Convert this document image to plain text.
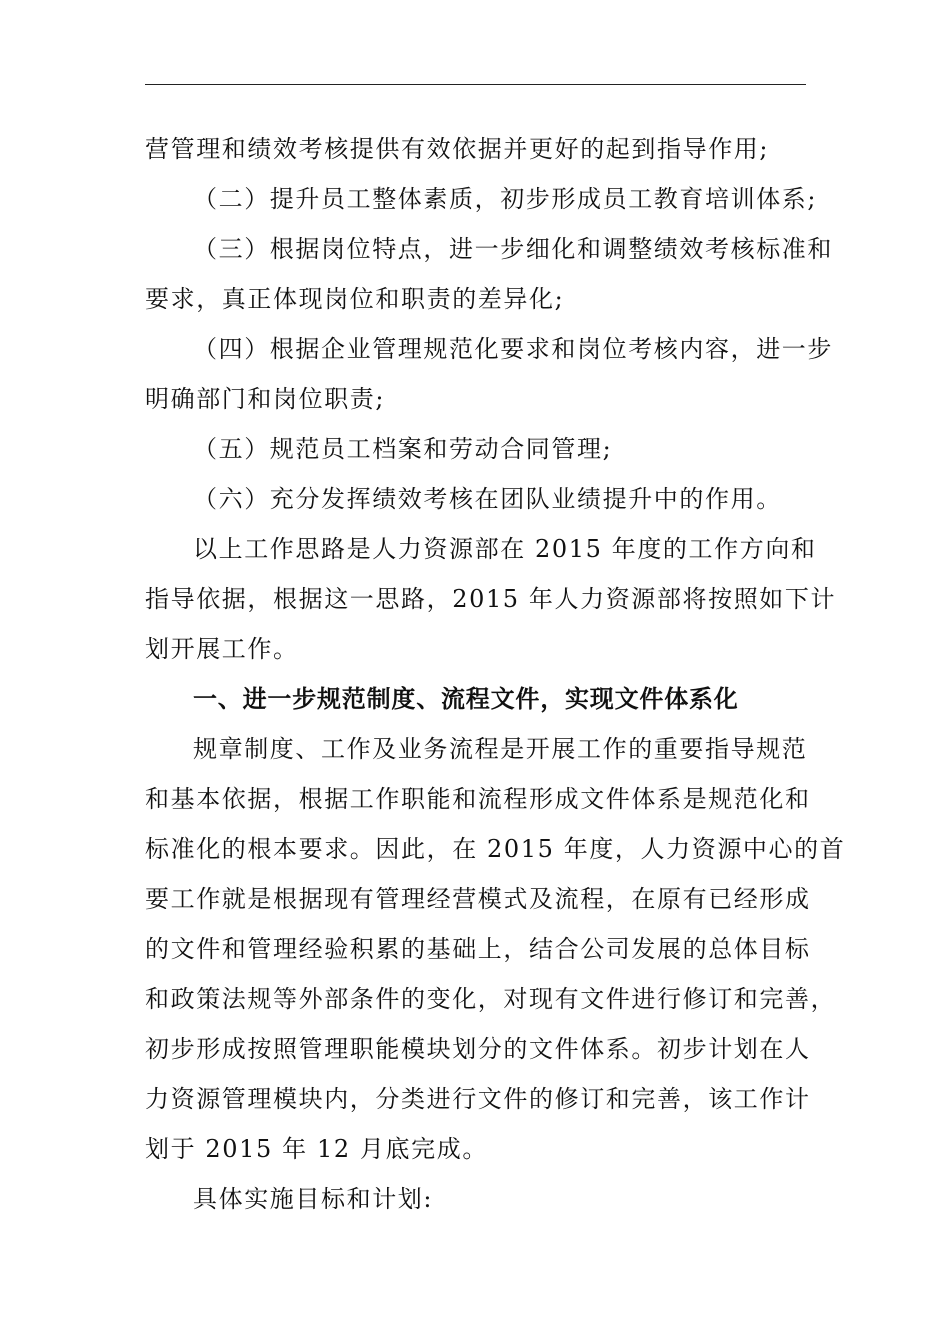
营管理和绩效考核提供有效依据并更好的起到指导作用;
（二）提升员工整体素质，初步形成员工教育培训体系;
（三）根据岗位特点，进一步细化和调整绩效考核标准和
要求，真正体现岗位和职责的差异化;
（四）根据企业管理规范化要求和岗位考核内容，进一步
明确部门和岗位职责;
（五）规范员工档案和劳动合同管理;
（六）充分发挥绩效考核在团队业绩提升中的作用。
以上工作思路是人力资源部在 2015 年度的工作方向和
指导依据，根据这一思路，2015 年人力资源部将按照如下计
划开展工作。
一、进一步规范制度、流程文件，实现文件体系化
规章制度、工作及业务流程是开展工作的重要指导规范
和基本依据，根据工作职能和流程形成文件体系是规范化和
标准化的根本要求。因此，在 2015 年度，人力资源中心的首
要工作就是根据现有管理经营模式及流程，在原有已经形成
的文件和管理经验积累的基础上，结合公司发展的总体目标
和政策法规等外部条件的变化，对现有文件进行修订和完善，
初步形成按照管理职能模块划分的文件体系。初步计划在人
力资源管理模块内，分类进行文件的修订和完善，该工作计
划于 2015 年 12 月底完成。
具体实施目标和计划:
